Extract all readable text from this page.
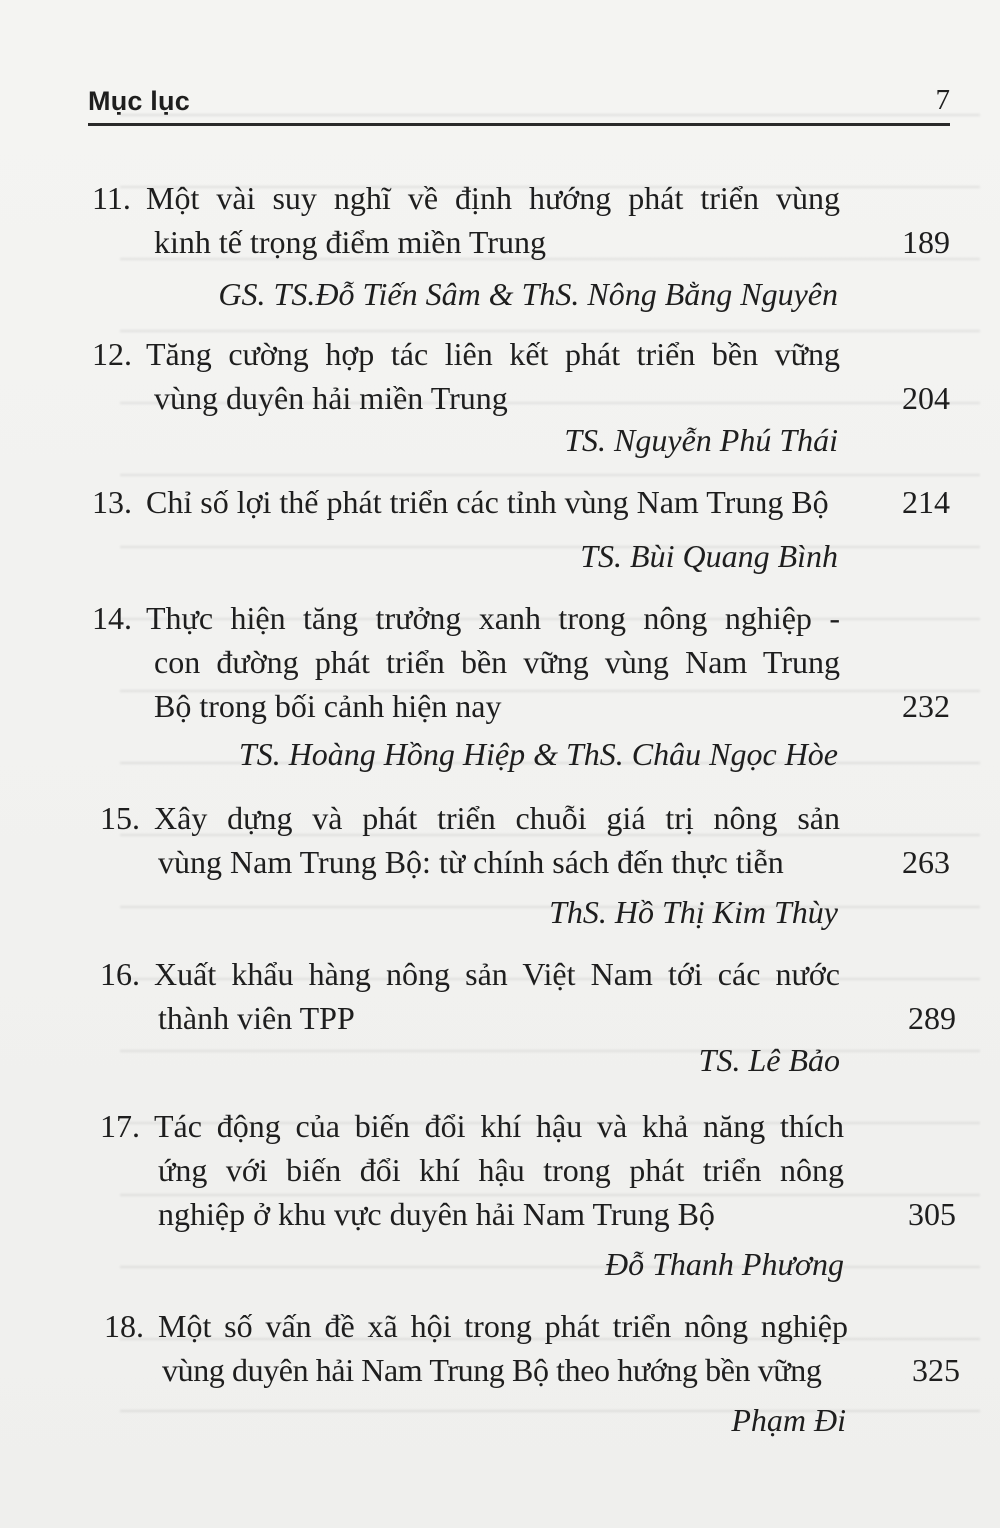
Mục lục	7
11. Một vài suy nghĩ về định hướng phát triển vùng
kinh tế trọng điểm miền Trung	189
GS. TS.Đỗ Tiến Sâm & ThS. Nông Bằng Nguyên
12. Tăng cường hợp tác liên kết phát triển bền vững
vùng duyên hải miền Trung	204
TS. Nguyễn Phú Thái
13. Chỉ số lợi thế phát triển các tỉnh vùng Nam Trung Bộ	214
TS. Bùi Quang Bình
14. Thực hiện tăng trưởng xanh trong nông nghiệp -
con đường phát triển bền vững vùng Nam Trung
Bộ trong bối cảnh hiện nay	232
TS. Hoàng Hồng Hiệp & ThS. Châu Ngọc Hòe
15. Xây dựng và phát triển chuỗi giá trị nông sản
vùng Nam Trung Bộ: từ chính sách đến thực tiễn	263
ThS. Hồ Thị Kim Thùy
16. Xuất khẩu hàng nông sản Việt Nam tới các nước
thành viên TPP	289
TS. Lê Bảo
17. Tác động của biến đổi khí hậu và khả năng thích
ứng với biến đổi khí hậu trong phát triển nông
nghiệp ở khu vực duyên hải Nam Trung Bộ	305
Đỗ Thanh Phương
18. Một số vấn đề xã hội trong phát triển nông nghiệp
vùng duyên hải Nam Trung Bộ theo hướng bền vững	325
Phạm Đi
